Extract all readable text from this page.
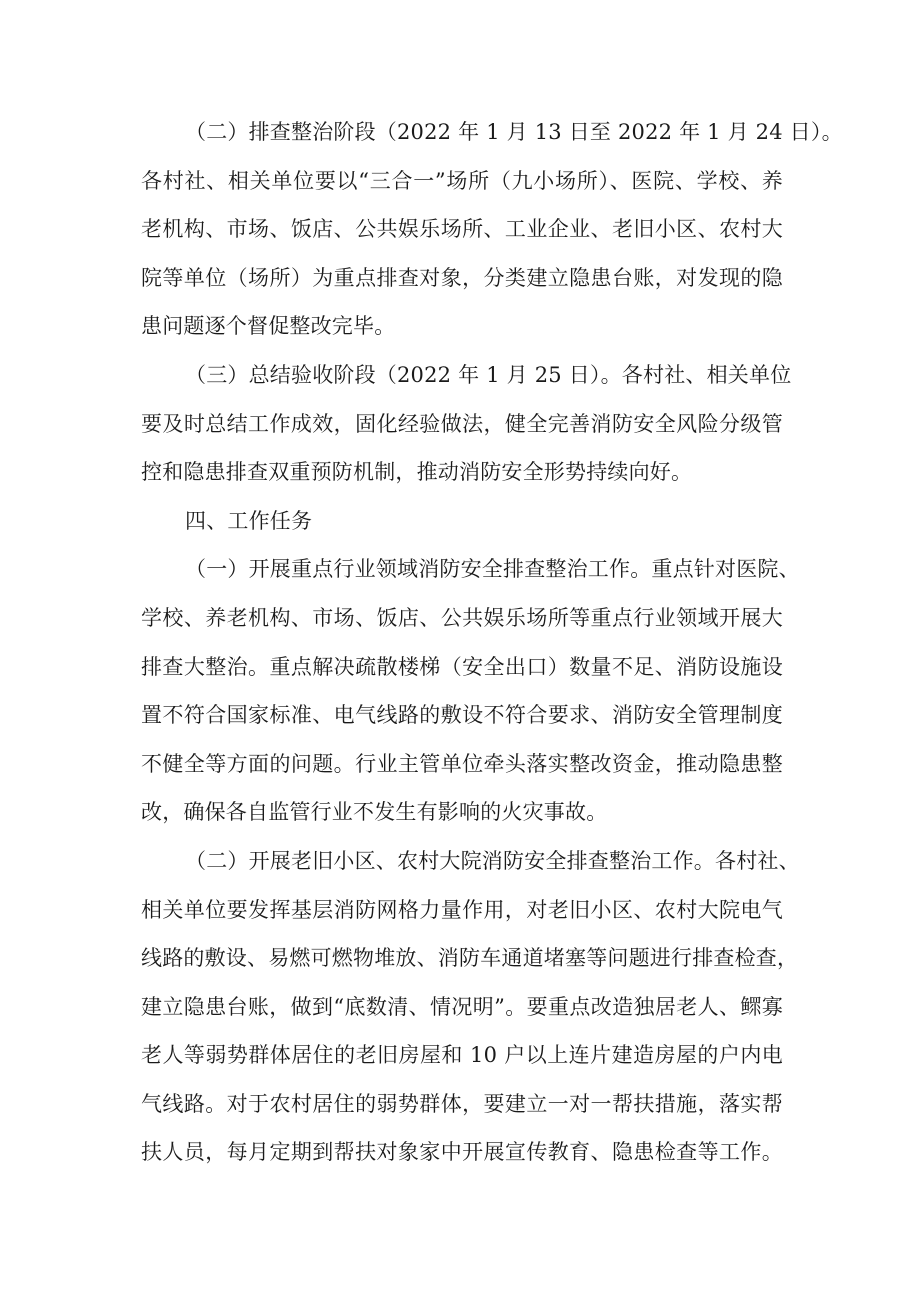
（二）排查整治阶段（2022 年 1 月 13 日至 2022 年 1 月 24 日）。
各村社、相关单位要以“三合一”场所（九小场所）、医院、学校、养
老机构、市场、饭店、公共娱乐场所、工业企业、老旧小区、农村大
院等单位（场所）为重点排查对象，分类建立隐患台账，对发现的隐
患问题逐个督促整改完毕。
（三）总结验收阶段（2022 年 1 月 25 日）。各村社、相关单位
要及时总结工作成效，固化经验做法，健全完善消防安全风险分级管
控和隐患排查双重预防机制，推动消防安全形势持续向好。
四、工作任务
（一）开展重点行业领域消防安全排查整治工作。重点针对医院、
学校、养老机构、市场、饭店、公共娱乐场所等重点行业领域开展大
排查大整治。重点解决疏散楼梯（安全出口）数量不足、消防设施设
置不符合国家标准、电气线路的敷设不符合要求、消防安全管理制度
不健全等方面的问题。行业主管单位牵头落实整改资金，推动隐患整
改，确保各自监管行业不发生有影响的火灾事故。
（二）开展老旧小区、农村大院消防安全排查整治工作。各村社、
相关单位要发挥基层消防网格力量作用，对老旧小区、农村大院电气
线路的敷设、易燃可燃物堆放、消防车通道堵塞等问题进行排查检查，
建立隐患台账，做到“底数清、情况明”。要重点改造独居老人、鳏寡
老人等弱势群体居住的老旧房屋和 10 户以上连片建造房屋的户内电
气线路。对于农村居住的弱势群体，要建立一对一帮扶措施，落实帮
扶人员，每月定期到帮扶对象家中开展宣传教育、隐患检查等工作。
